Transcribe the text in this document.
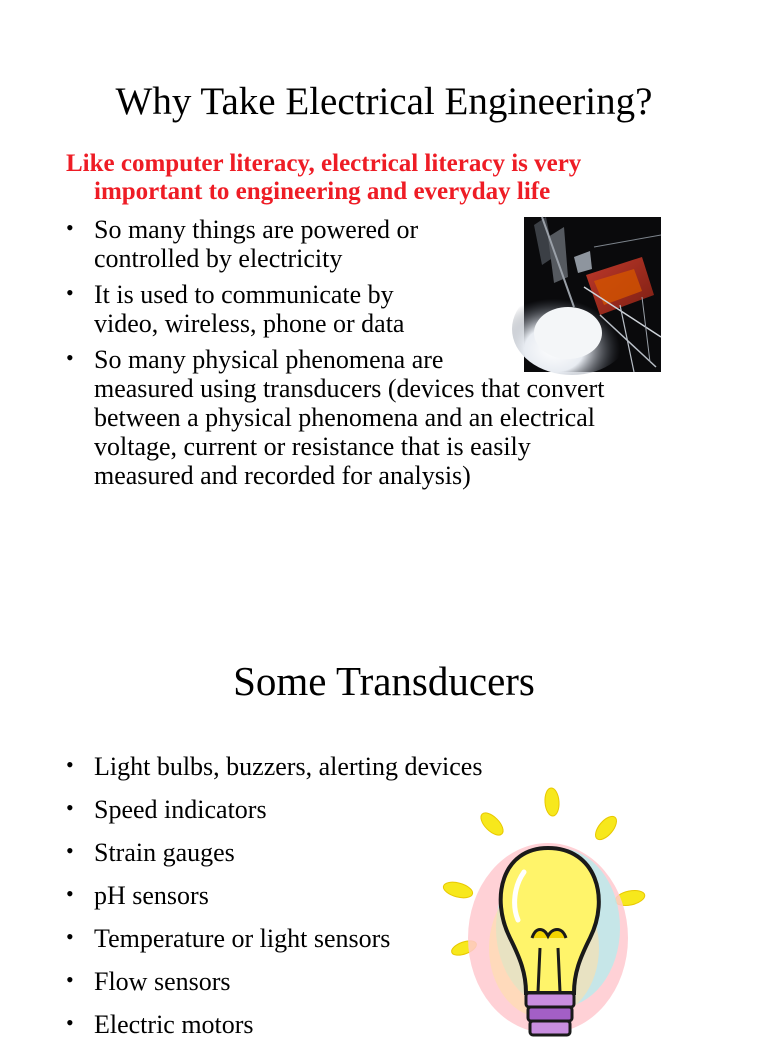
Why Take Electrical Engineering?

Like computer literacy, electrical literacy is very
important to engineering and everyday life

• So many things are powered or
controlled by electricity
• It is used to communicate by
video, wireless, phone or data
• So many physical phenomena are
measured using transducers (devices that convert
between a physical phenomena and an electrical
voltage, current or resistance that is easily
measured and recorded for analysis)
Some Transducers
• Light bulbs, buzzers, alerting devices
• Speed indicators
• Strain gauges
• pH sensors
• Temperature or light sensors
• Flow sensors
• Electric motors
